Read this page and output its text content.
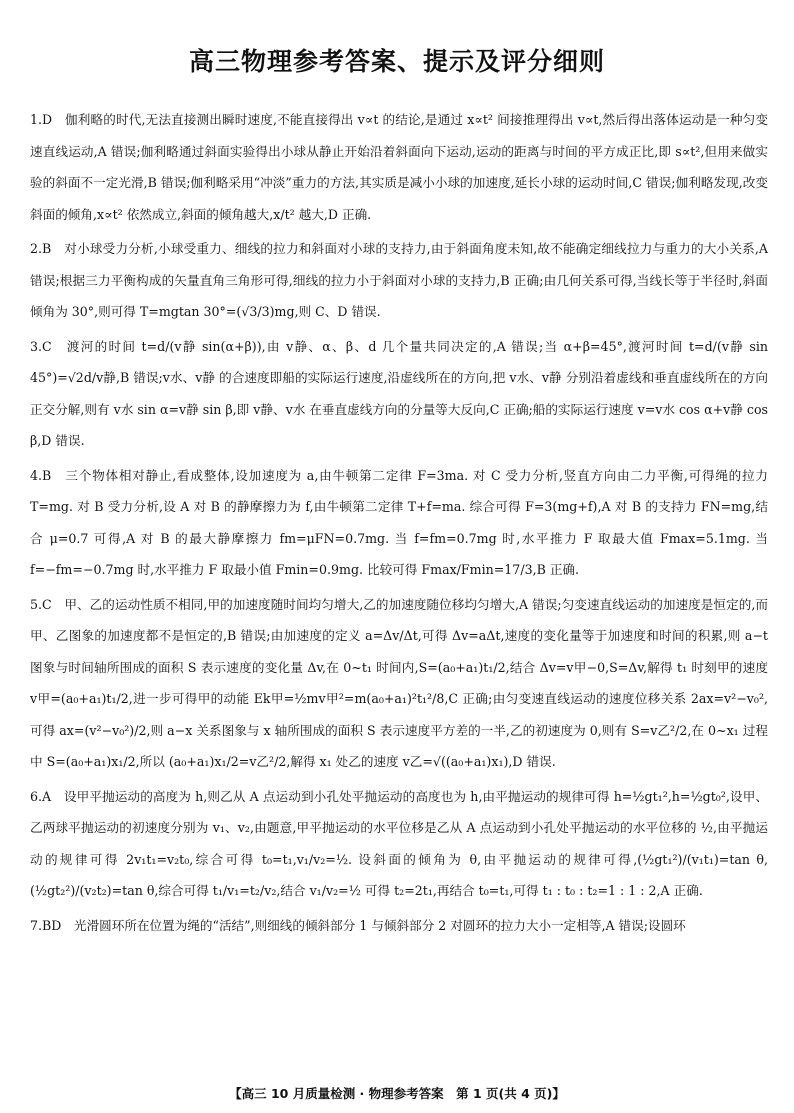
高三物理参考答案、提示及评分细则

1.D　 伽利略的时代,无法直接测出瞬时速度,不能直接得出 v∝t 的结论,是通过 x∝t² 间接推理得出 v∝t,然后得出落体运动是一种匀变速直线运动,A 错误;伽利略通过斜面实验得出小球从静止开始沿着斜面向下运动,运动的距离与时间的平方成正比,即 s∝t²,但用来做实验的斜面不一定光滑,B 错误;伽利略采用“冲淡”重力的方法,其实质是减小小球的加速度,延长小球的运动时间,C 错误;伽利略发现,改变斜面的倾角,x∝t² 依然成立,斜面的倾角越大,x/t² 越大,D 正确.

2.B　 对小球受力分析,小球受重力、细线的拉力和斜面对小球的支持力,由于斜面角度未知,故不能确定细线拉力与重力的大小关系,A 错误;根据三力平衡构成的矢量直角三角形可得,细线的拉力小于斜面对小球的支持力,B 正确;由几何关系可得,当线长等于半径时,斜面倾角为 30°,则可得 T=mgtan 30°=(√3/3)mg,则 C、D 错误.

3.C　 渡河的时间 t=d/(v静 sin(α+β)),由 v静、α、β、d 几个量共同决定的,A 错误;当 α+β=45°,渡河时间 t=d/(v静 sin 45°)=√2d/v静,B 错误;v水、v静 的合速度即船的实际运行速度,沿虚线所在的方向,把 v水、v静 分别沿着虚线和垂直虚线所在的方向正交分解,则有 v水 sin α=v静 sin β,即 v静、v水 在垂直虚线方向的分量等大反向,C 正确;船的实际运行速度 v=v水 cos α+v静 cos β,D 错误.

4.B　 三个物体相对静止,看成整体,设加速度为 a,由牛顿第二定律 F=3ma. 对 C 受力分析,竖直方向由二力平衡,可得绳的拉力 T=mg. 对 B 受力分析,设 A 对 B 的静摩擦力为 f,由牛顿第二定律 T+f=ma. 综合可得 F=3(mg+f),A 对 B 的支持力 FN=mg,结合 μ=0.7 可得,A 对 B 的最大静摩擦力 fm=μFN=0.7mg. 当 f=fm=0.7mg 时,水平推力 F 取最大值 Fmax=5.1mg. 当 f=−fm=−0.7mg 时,水平推力 F 取最小值 Fmin=0.9mg. 比较可得 Fmax/Fmin=17/3,B 正确.

5.C　 甲、乙的运动性质不相同,甲的加速度随时间均匀增大,乙的加速度随位移均匀增大,A 错误;匀变速直线运动的加速度是恒定的,而甲、乙图象的加速度都不是恒定的,B 错误;由加速度的定义 a=Δv/Δt,可得 Δv=aΔt,速度的变化量等于加速度和时间的积累,则 a−t 图象与时间轴所围成的面积 S 表示速度的变化量 Δv,在 0~t₁ 时间内,S=(a₀+a₁)t₁/2,结合 Δv=v甲−0,S=Δv,解得 t₁ 时刻甲的速度 v甲=(a₀+a₁)t₁/2,进一步可得甲的动能 Ek甲=½mv甲²=m(a₀+a₁)²t₁²/8,C 正确;由匀变速直线运动的速度位移关系 2ax=v²−v₀²,可得 ax=(v²−v₀²)/2,则 a−x 关系图象与 x 轴所围成的面积 S 表示速度平方差的一半,乙的初速度为 0,则有 S=v乙²/2,在 0~x₁ 过程中 S=(a₀+a₁)x₁/2,所以 (a₀+a₁)x₁/2=v乙²/2,解得 x₁ 处乙的速度 v乙=√((a₀+a₁)x₁),D 错误.

6.A　 设甲平抛运动的高度为 h,则乙从 A 点运动到小孔处平抛运动的高度也为 h,由平抛运动的规律可得 h=½gt₁²,h=½gt₀²,设甲、乙两球平抛运动的初速度分别为 v₁、v₂,由题意,甲平抛运动的水平位移是乙从 A 点运动到小孔处平抛运动的水平位移的 ½,由平抛运动的规律可得 2v₁t₁=v₂t₀,综合可得 t₀=t₁,v₁/v₂=½. 设斜面的倾角为 θ,由平抛运动的规律可得,(½gt₁²)/(v₁t₁)=tan θ,(½gt₂²)/(v₂t₂)=tan θ,综合可得 t₁/v₁=t₂/v₂,结合 v₁/v₂=½ 可得 t₂=2t₁,再结合 t₀=t₁,可得 t₁ : t₀ : t₂=1 : 1 : 2,A 正确.

7.BD　 光滑圆环所在位置为绳的“活结”,则细线的倾斜部分 1 与倾斜部分 2 对圆环的拉力大小一定相等,A 错误;设圆环

【高三 10 月质量检测 · 物理参考答案　第 1 页(共 4 页)】
